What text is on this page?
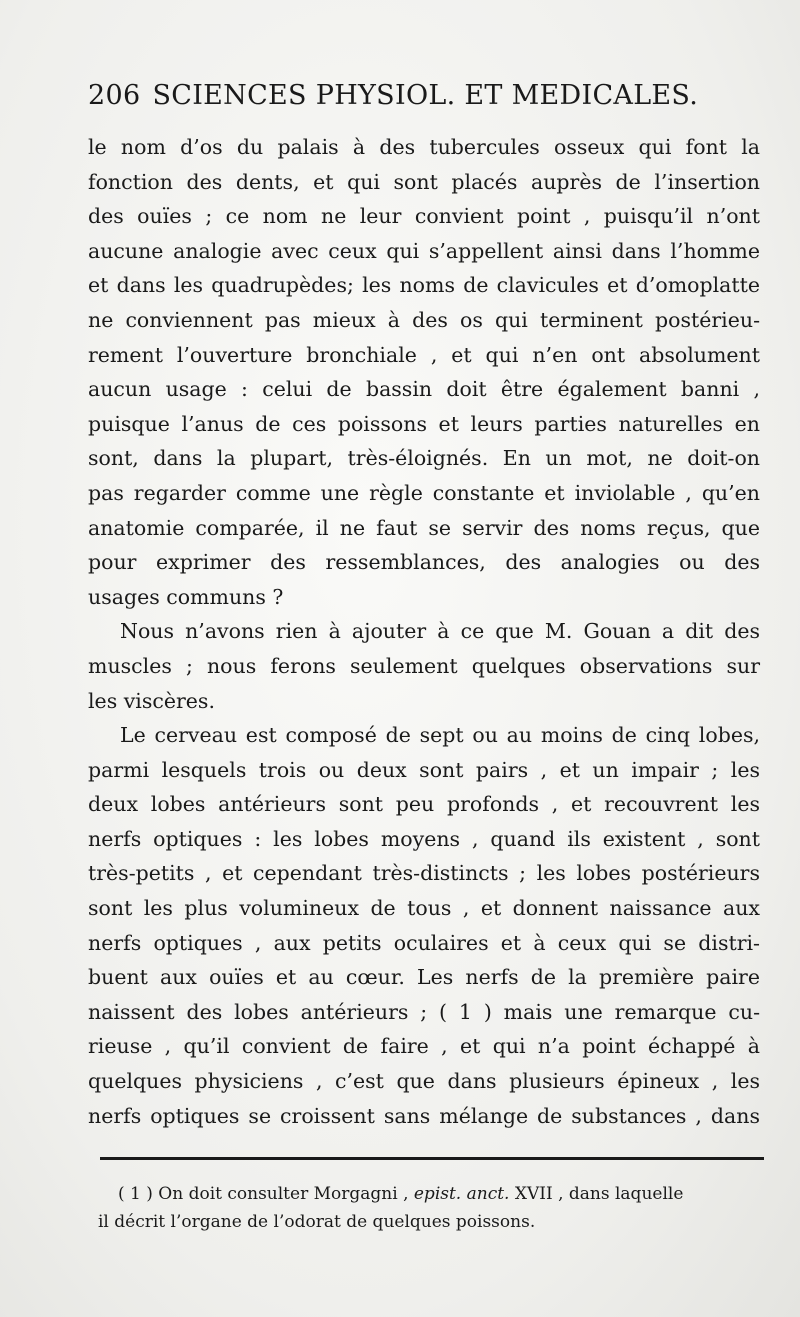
206 SCIENCES PHYSIOL. ET MEDICALES.
le nom d’os du palais à des tubercules osseux qui font la
fonction des dents, et qui sont placés auprès de l’insertion
des ouïes ; ce nom ne leur convient point , puisqu’il n’ont
aucune analogie avec ceux qui s’appellent ainsi dans l’homme
et dans les quadrupèdes; les noms de clavicules et d’omoplatte
ne conviennent pas mieux à des os qui terminent postérieu-
rement l’ouverture bronchiale , et qui n’en ont absolument
aucun usage : celui de bassin doit être également banni ,
puisque l’anus de ces poissons et leurs parties naturelles en
sont, dans la plupart, très-éloignés. En un mot, ne doit-on
pas regarder comme une règle constante et inviolable , qu’en
anatomie comparée, il ne faut se servir des noms reçus, que
pour exprimer des ressemblances, des analogies ou des
usages communs ?
Nous n’avons rien à ajouter à ce que M. Gouan a dit des
muscles ; nous ferons seulement quelques observations sur
les viscères.
Le cerveau est composé de sept ou au moins de cinq lobes,
parmi lesquels trois ou deux sont pairs , et un impair ; les
deux lobes antérieurs sont peu profonds , et recouvrent les
nerfs optiques : les lobes moyens , quand ils existent , sont
très-petits , et cependant très-distincts ; les lobes postérieurs
sont les plus volumineux de tous , et donnent naissance aux
nerfs optiques , aux petits oculaires et à ceux qui se distri-
buent aux ouïes et au cœur. Les nerfs de la première paire
naissent des lobes antérieurs ; ( 1 ) mais une remarque cu-
rieuse , qu’il convient de faire , et qui n’a point échappé à
quelques physiciens , c’est que dans plusieurs épineux , les
nerfs optiques se croissent sans mélange de substances , dans
( 1 ) On doit consulter Morgagni , epist. anct. XVII , dans laquelle
il décrit l’organe de l’odorat de quelques poissons.
